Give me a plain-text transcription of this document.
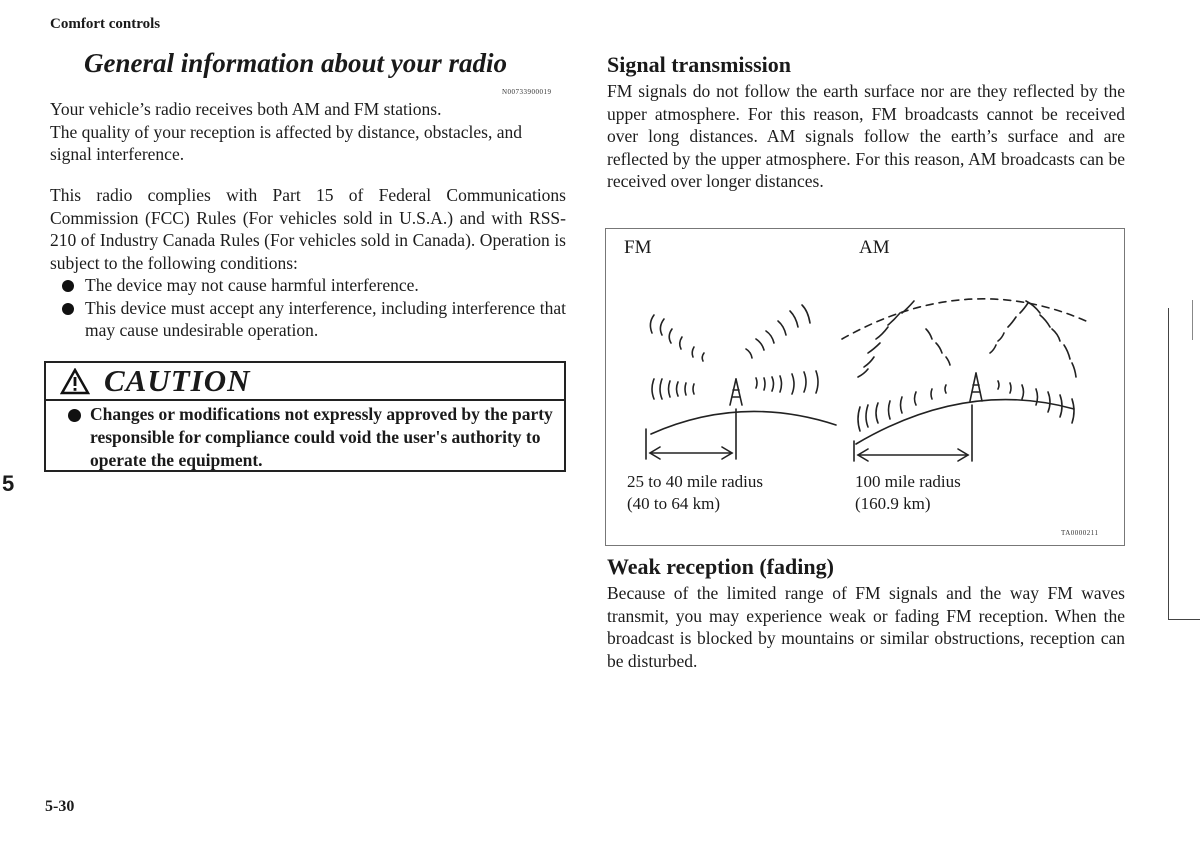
Comfort controls
General information about your radio
N00733900019
Your vehicle’s radio receives both AM and FM stations.
The quality of your reception is affected by distance, obstacles, and signal interference.
This radio complies with Part 15 of Federal Communications Commission (FCC) Rules (For vehicles sold in U.S.A.) and with RSS-210 of Industry Canada Rules (For vehicles sold in Canada). Operation is subject to the following conditions:
The device may not cause harmful interference.
This device must accept any interference, including interference that may cause undesirable operation.
CAUTION
Changes or modifications not expressly approved by the party responsible for compliance could void the user's authority to operate the equipment.
5
5-30
Signal transmission
FM signals do not follow the earth surface nor are they reflected by the upper atmosphere. For this reason, FM broadcasts cannot be received over long distances. AM signals follow the earth’s surface and are reflected by the upper atmosphere. For this reason, AM broadcasts can be received over longer distances.
FM	AM
25 to 40 mile radius
(40 to 64 km)
100 mile radius
(160.9 km)
TA0000211
Weak reception (fading)
Because of the limited range of FM signals and the way FM waves transmit, you may experience weak or fading FM reception. When the broadcast is blocked by mountains or similar obstructions, reception can be disturbed.
